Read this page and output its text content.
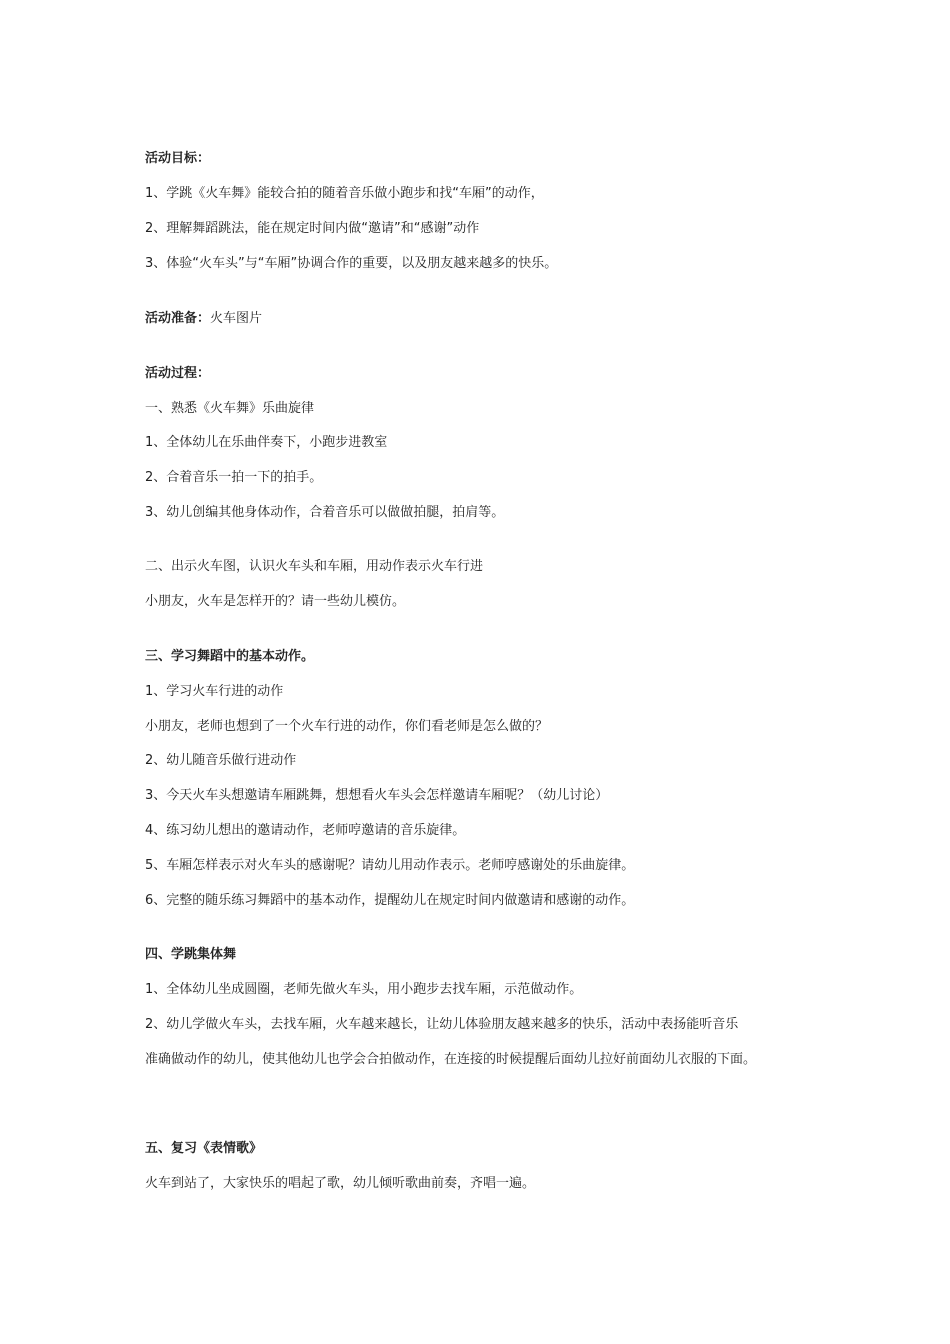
活动目标：
1、学跳《火车舞》能较合拍的随着音乐做小跑步和找“车厢”的动作，
2、理解舞蹈跳法，能在规定时间内做“邀请”和“感谢”动作
3、体验“火车头”与“车厢”协调合作的重要，以及朋友越来越多的快乐。
活动准备：火车图片
活动过程：
一、熟悉《火车舞》乐曲旋律
1、全体幼儿在乐曲伴奏下，小跑步进教室
2、合着音乐一拍一下的拍手。
3、幼儿创编其他身体动作，合着音乐可以做做拍腿，拍肩等。
二、出示火车图，认识火车头和车厢，用动作表示火车行进
小朋友，火车是怎样开的？请一些幼儿模仿。
三、学习舞蹈中的基本动作。
1、学习火车行进的动作
小朋友，老师也想到了一个火车行进的动作，你们看老师是怎么做的？
2、幼儿随音乐做行进动作
3、今天火车头想邀请车厢跳舞，想想看火车头会怎样邀请车厢呢？（幼儿讨论）
4、练习幼儿想出的邀请动作，老师哼邀请的音乐旋律。
5、车厢怎样表示对火车头的感谢呢？请幼儿用动作表示。老师哼感谢处的乐曲旋律。
6、完整的随乐练习舞蹈中的基本动作，提醒幼儿在规定时间内做邀请和感谢的动作。
四、学跳集体舞
1、全体幼儿坐成圆圈，老师先做火车头，用小跑步去找车厢，示范做动作。
2、幼儿学做火车头，去找车厢，火车越来越长，让幼儿体验朋友越来越多的快乐，活动中表扬能听音乐
准确做动作的幼儿，使其他幼儿也学会合拍做动作，在连接的时候提醒后面幼儿拉好前面幼儿衣服的下面。
五、复习《表情歌》
火车到站了，大家快乐的唱起了歌，幼儿倾听歌曲前奏，齐唱一遍。
